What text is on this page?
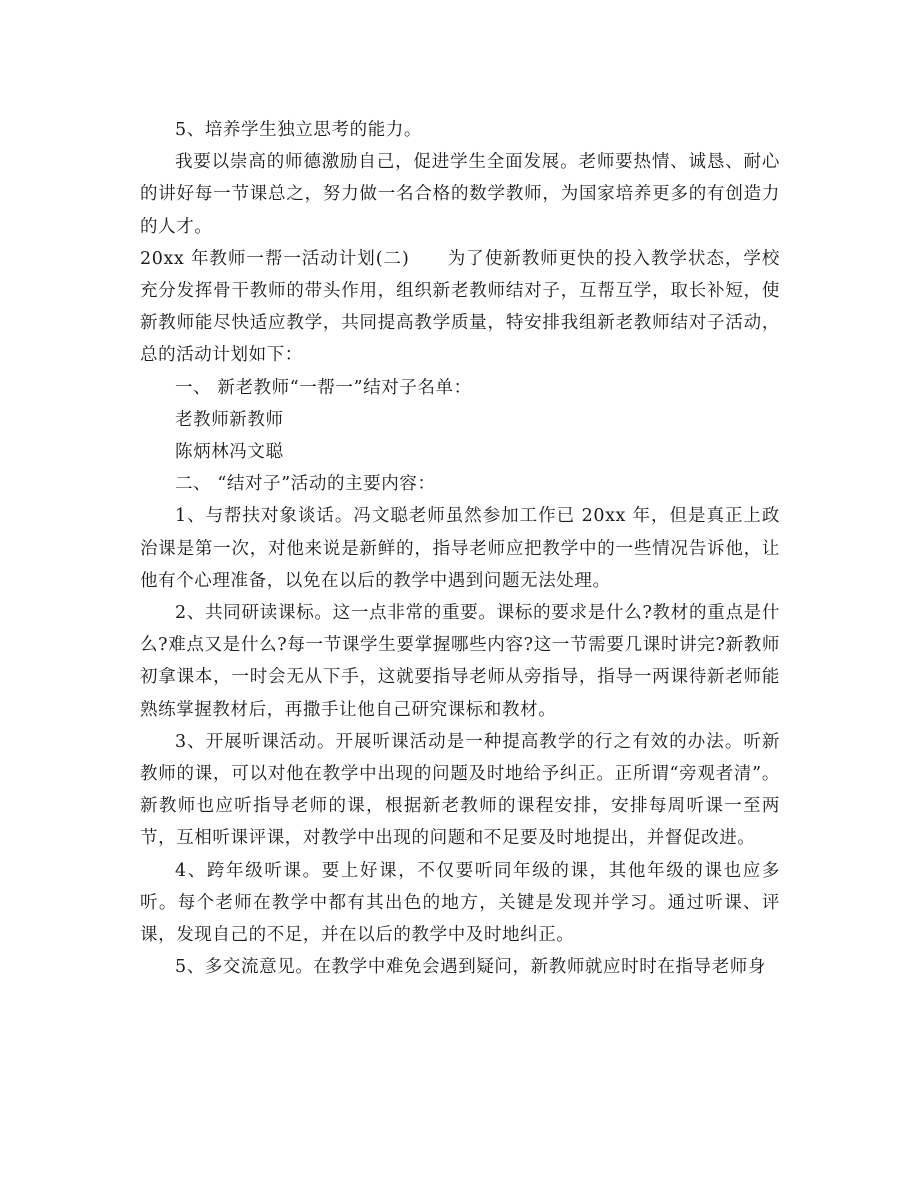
5、培养学生独立思考的能力。

我要以崇高的师德激励自己，促进学生全面发展。老师要热情、诚恳、耐心的讲好每一节课总之，努力做一名合格的数学教师，为国家培养更多的有创造力的人才。

20xx 年教师一帮一活动计划(二) 为了使新教师更快的投入教学状态，学校充分发挥骨干教师的带头作用，组织新老教师结对子，互帮互学，取长补短，使新教师能尽快适应教学，共同提高教学质量，特安排我组新老教师结对子活动，总的活动计划如下：

一、 新老教师“一帮一”结对子名单：

老教师新教师

陈炳林冯文聪

二、 “结对子”活动的主要内容：

1、与帮扶对象谈话。冯文聪老师虽然参加工作已 20xx 年，但是真正上政治课是第一次，对他来说是新鲜的，指导老师应把教学中的一些情况告诉他，让他有个心理准备，以免在以后的教学中遇到问题无法处理。

2、共同研读课标。这一点非常的重要。课标的要求是什么?教材的重点是什么?难点又是什么?每一节课学生要掌握哪些内容?这一节需要几课时讲完?新教师初拿课本，一时会无从下手，这就要指导老师从旁指导，指导一两课待新老师能熟练掌握教材后，再撒手让他自己研究课标和教材。

3、开展听课活动。开展听课活动是一种提高教学的行之有效的办法。听新教师的课，可以对他在教学中出现的问题及时地给予纠正。正所谓“旁观者清”。新教师也应听指导老师的课，根据新老教师的课程安排，安排每周听课一至两节，互相听课评课，对教学中出现的问题和不足要及时地提出，并督促改进。

4、跨年级听课。要上好课，不仅要听同年级的课，其他年级的课也应多听。每个老师在教学中都有其出色的地方，关键是发现并学习。通过听课、评课，发现自己的不足，并在以后的教学中及时地纠正。

5、多交流意见。在教学中难免会遇到疑问，新教师就应时时在指导老师身
